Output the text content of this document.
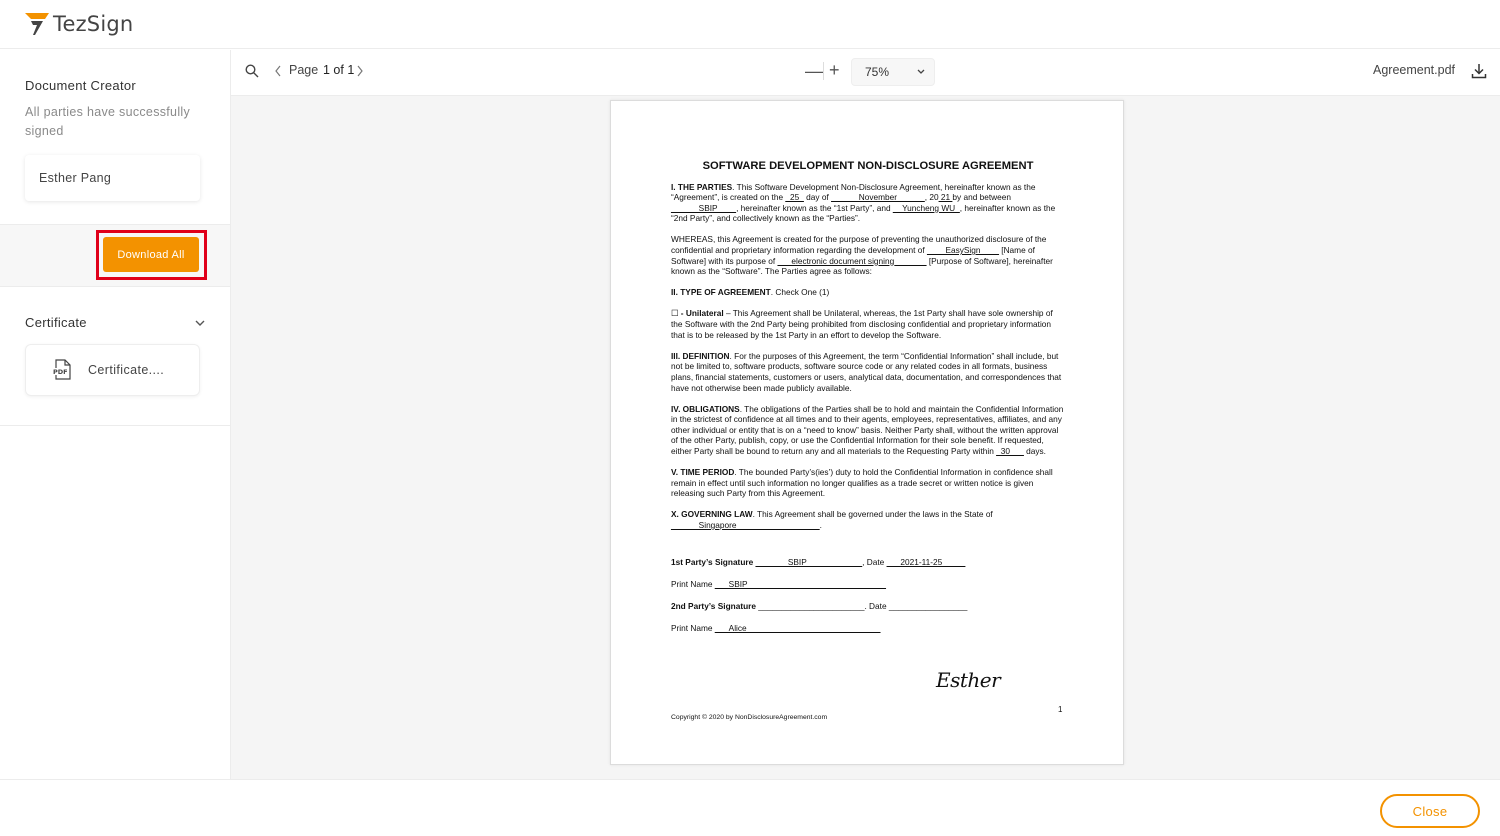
TezSign
Document Creator
All parties have successfully signed
Esther Pang
Download All
Certificate
PDF Certificate....
Page 1 of 1	— + 75%	Agreement.pdf
SOFTWARE DEVELOPMENT NON-DISCLOSURE AGREEMENT

I. THE PARTIES. This Software Development Non-Disclosure Agreement, hereinafter known as the “Agreement”, is created on the _25_ day of ______November______, 20 21 by and between ______SBIP____, hereinafter known as the “1st Party”, and __Yuncheng WU_, hereinafter known as the “2nd Party”, and collectively known as the “Parties”.

WHEREAS, this Agreement is created for the purpose of preventing the unauthorized disclosure of the confidential and proprietary information regarding the development of ____EasySign____ [Name of Software] with its purpose of ___electronic document signing_______ [Purpose of Software], hereinafter known as the “Software”. The Parties agree as follows:

II. TYPE OF AGREEMENT. Check One (1)

☐ - Unilateral – This Agreement shall be Unilateral, whereas, the 1st Party shall have sole ownership of the Software with the 2nd Party being prohibited from disclosing confidential and proprietary information that is to be released by the 1st Party in an effort to develop the Software.

III. DEFINITION. For the purposes of this Agreement, the term “Confidential Information” shall include, but not be limited to, software products, software source code or any related codes in all formats, business plans, financial statements, customers or users, analytical data, documentation, and correspondences that have not otherwise been made publicly available.

IV. OBLIGATIONS. The obligations of the Parties shall be to hold and maintain the Confidential Information in the strictest of confidence at all times and to their agents, employees, representatives, affiliates, and any other individual or entity that is on a “need to know” basis. Neither Party shall, without the written approval of the other Party, publish, copy, or use the Confidential Information for their sole benefit. If requested, either Party shall be bound to return any and all materials to the Requesting Party within _30___ days.

V. TIME PERIOD. The bounded Party’s(ies’) duty to hold the Confidential Information in confidence shall remain in effect until such information no longer qualifies as a trade secret or written notice is given releasing such Party from this Agreement.

X. GOVERNING LAW. This Agreement shall be governed under the laws in the State of ______Singapore__________________.

1st Party’s Signature _______SBIP____________, Date ___2021-11-25_____
Print Name ___SBIP______________________________
2nd Party’s Signature _______________________. Date _________________
Print Name ___Alice_____________________________
Esther
1
Copyright © 2020 by NonDisclosureAgreement.com
Close
